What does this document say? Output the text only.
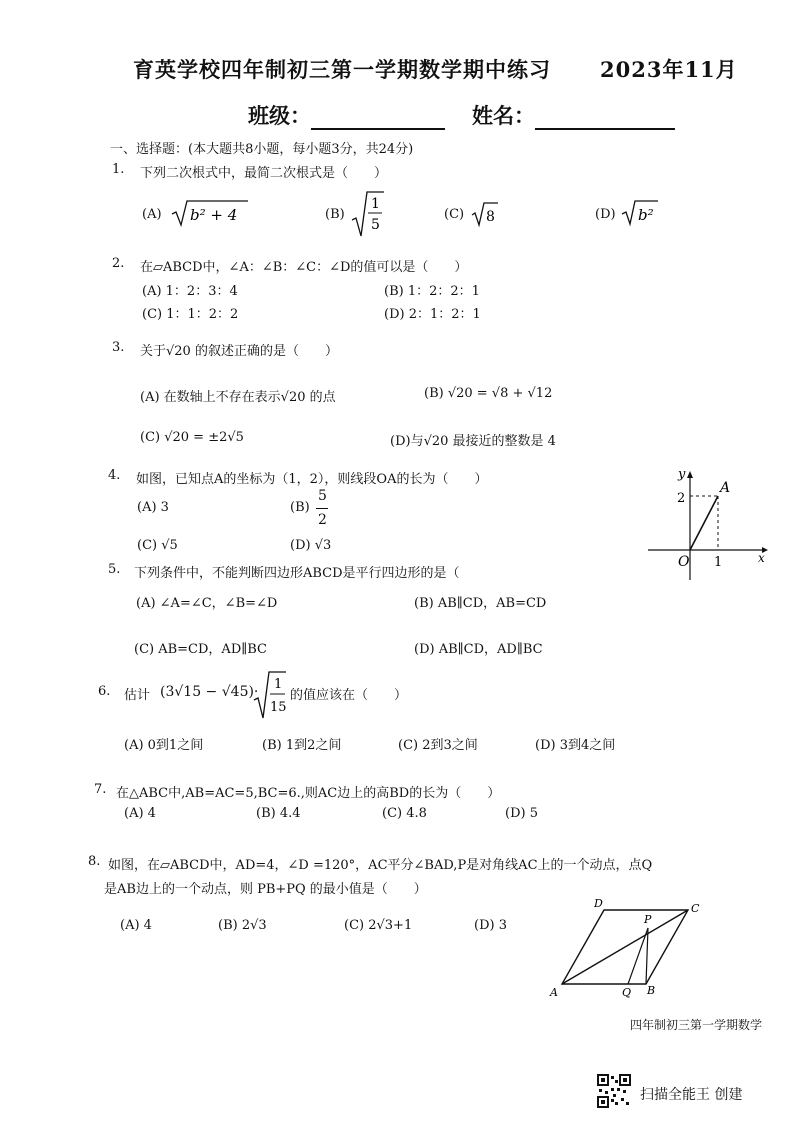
育英学校四年制初三第一学期数学期中练习 2023年11月
班级：	姓名：
一、选择题：(本大题共8小题，每小题3分，共24分)
1. 下列二次根式中，最简二次根式是（　　）
(A) b² + 4	(B)
1
5
(C) 8	(D) b²
2. 在▱ABCD中，∠A：∠B：∠C：∠D的值可以是（　　）
(A) 1：2：3：4	(B) 1：2：2：1
(C) 1：1：2：2	(D) 2：1：2：1
3. 关于√20 的叙述正确的是（　　）
(A) 在数轴上不存在表示√20 的点	(B) √20 = √8 + √12
(C) √20 = ±2√5	(D)与√20 最接近的整数是 4
4. 如图，已知点A的坐标为（1，2），则线段OA的长为（　　）
(A) 3	(B)
5
2
(C) √5	(D) √3
y
x
O
A
2
1
5. 下列条件中，不能判断四边形ABCD是平行四边形的是（
(A) ∠A=∠C，∠B=∠D	(B) AB∥CD，AB=CD
(C) AB=CD，AD∥BC	(D) AB∥CD，AD∥BC
6. 估计 (3√15 − √45)· 1
15
的值应该在（　　）
(A) 0到1之间	(B) 1到2之间	(C) 2到3之间	(D) 3到4之间
7. 在△ABC中,AB=AC=5,BC=6.,则AC边上的高BD的长为（　　）
(A) 4	(B) 4.4	(C) 4.8	(D) 5
8. 如图，在▱ABCD中，AD=4，∠D =120°，AC平分∠BAD,P是对角线AC上的一个动点，点Q
是AB边上的一个动点，则 PB+PQ 的最小值是（　　）
(A) 4	(B) 2√3	(C) 2√3+1	(D) 3
A	B
C
D
P
Q
四年制初三第一学期数学
扫描全能王 创建
